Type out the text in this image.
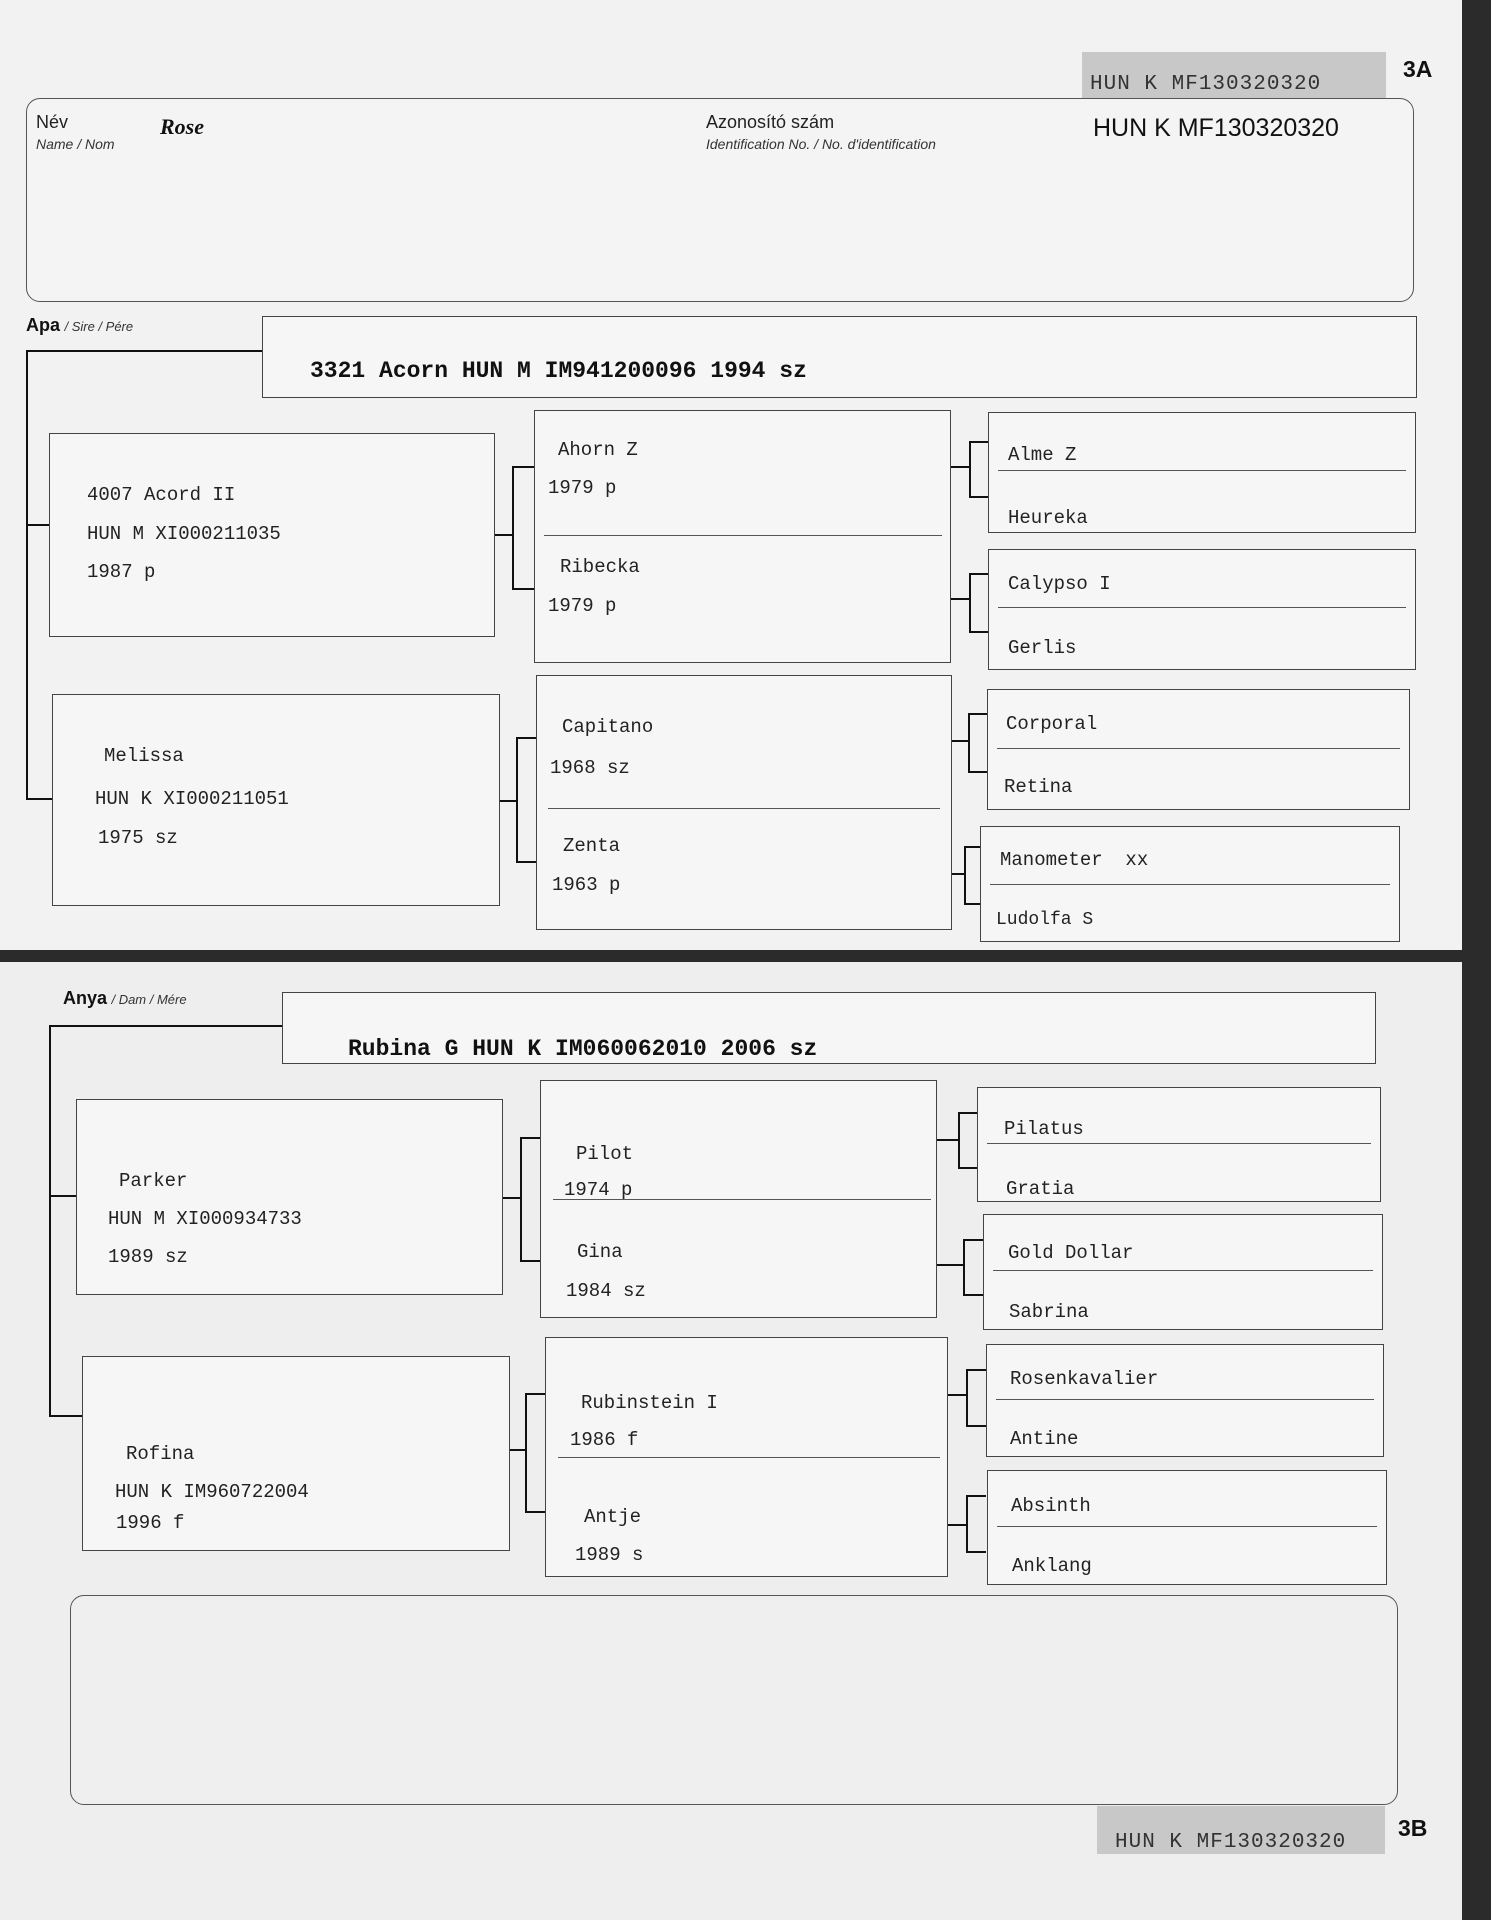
HUN K MF130320320
3A
Név
Name / Nom
Rose	Azonosító szám
Identification No. / No. d'identification
HUN K MF130320320
Apa / Sire / Pére
3321 Acorn HUN M IM941200096 1994 sz
4007 Acord II
HUN M XI000211035
1987 p
Melissa
HUN K XI000211051
1975 sz
Ahorn Z
1979 p
Ribecka
1979 p
Capitano
1968 sz
Zenta
1963 p
Alme Z
Heureka
Calypso I
Gerlis
Corporal
Retina
Manometer  xx
Ludolfa S
Anya / Dam / Mére
Rubina G HUN K IM060062010 2006 sz
Parker
HUN M XI000934733
1989 sz
Rofina
HUN K IM960722004
1996 f
Pilot
1974 p
Gina
1984 sz
Rubinstein I
1986 f
Antje
1989 s
Pilatus
Gratia
Gold Dollar
Sabrina
Rosenkavalier
Antine
Absinth
Anklang
HUN K MF130320320
3B
